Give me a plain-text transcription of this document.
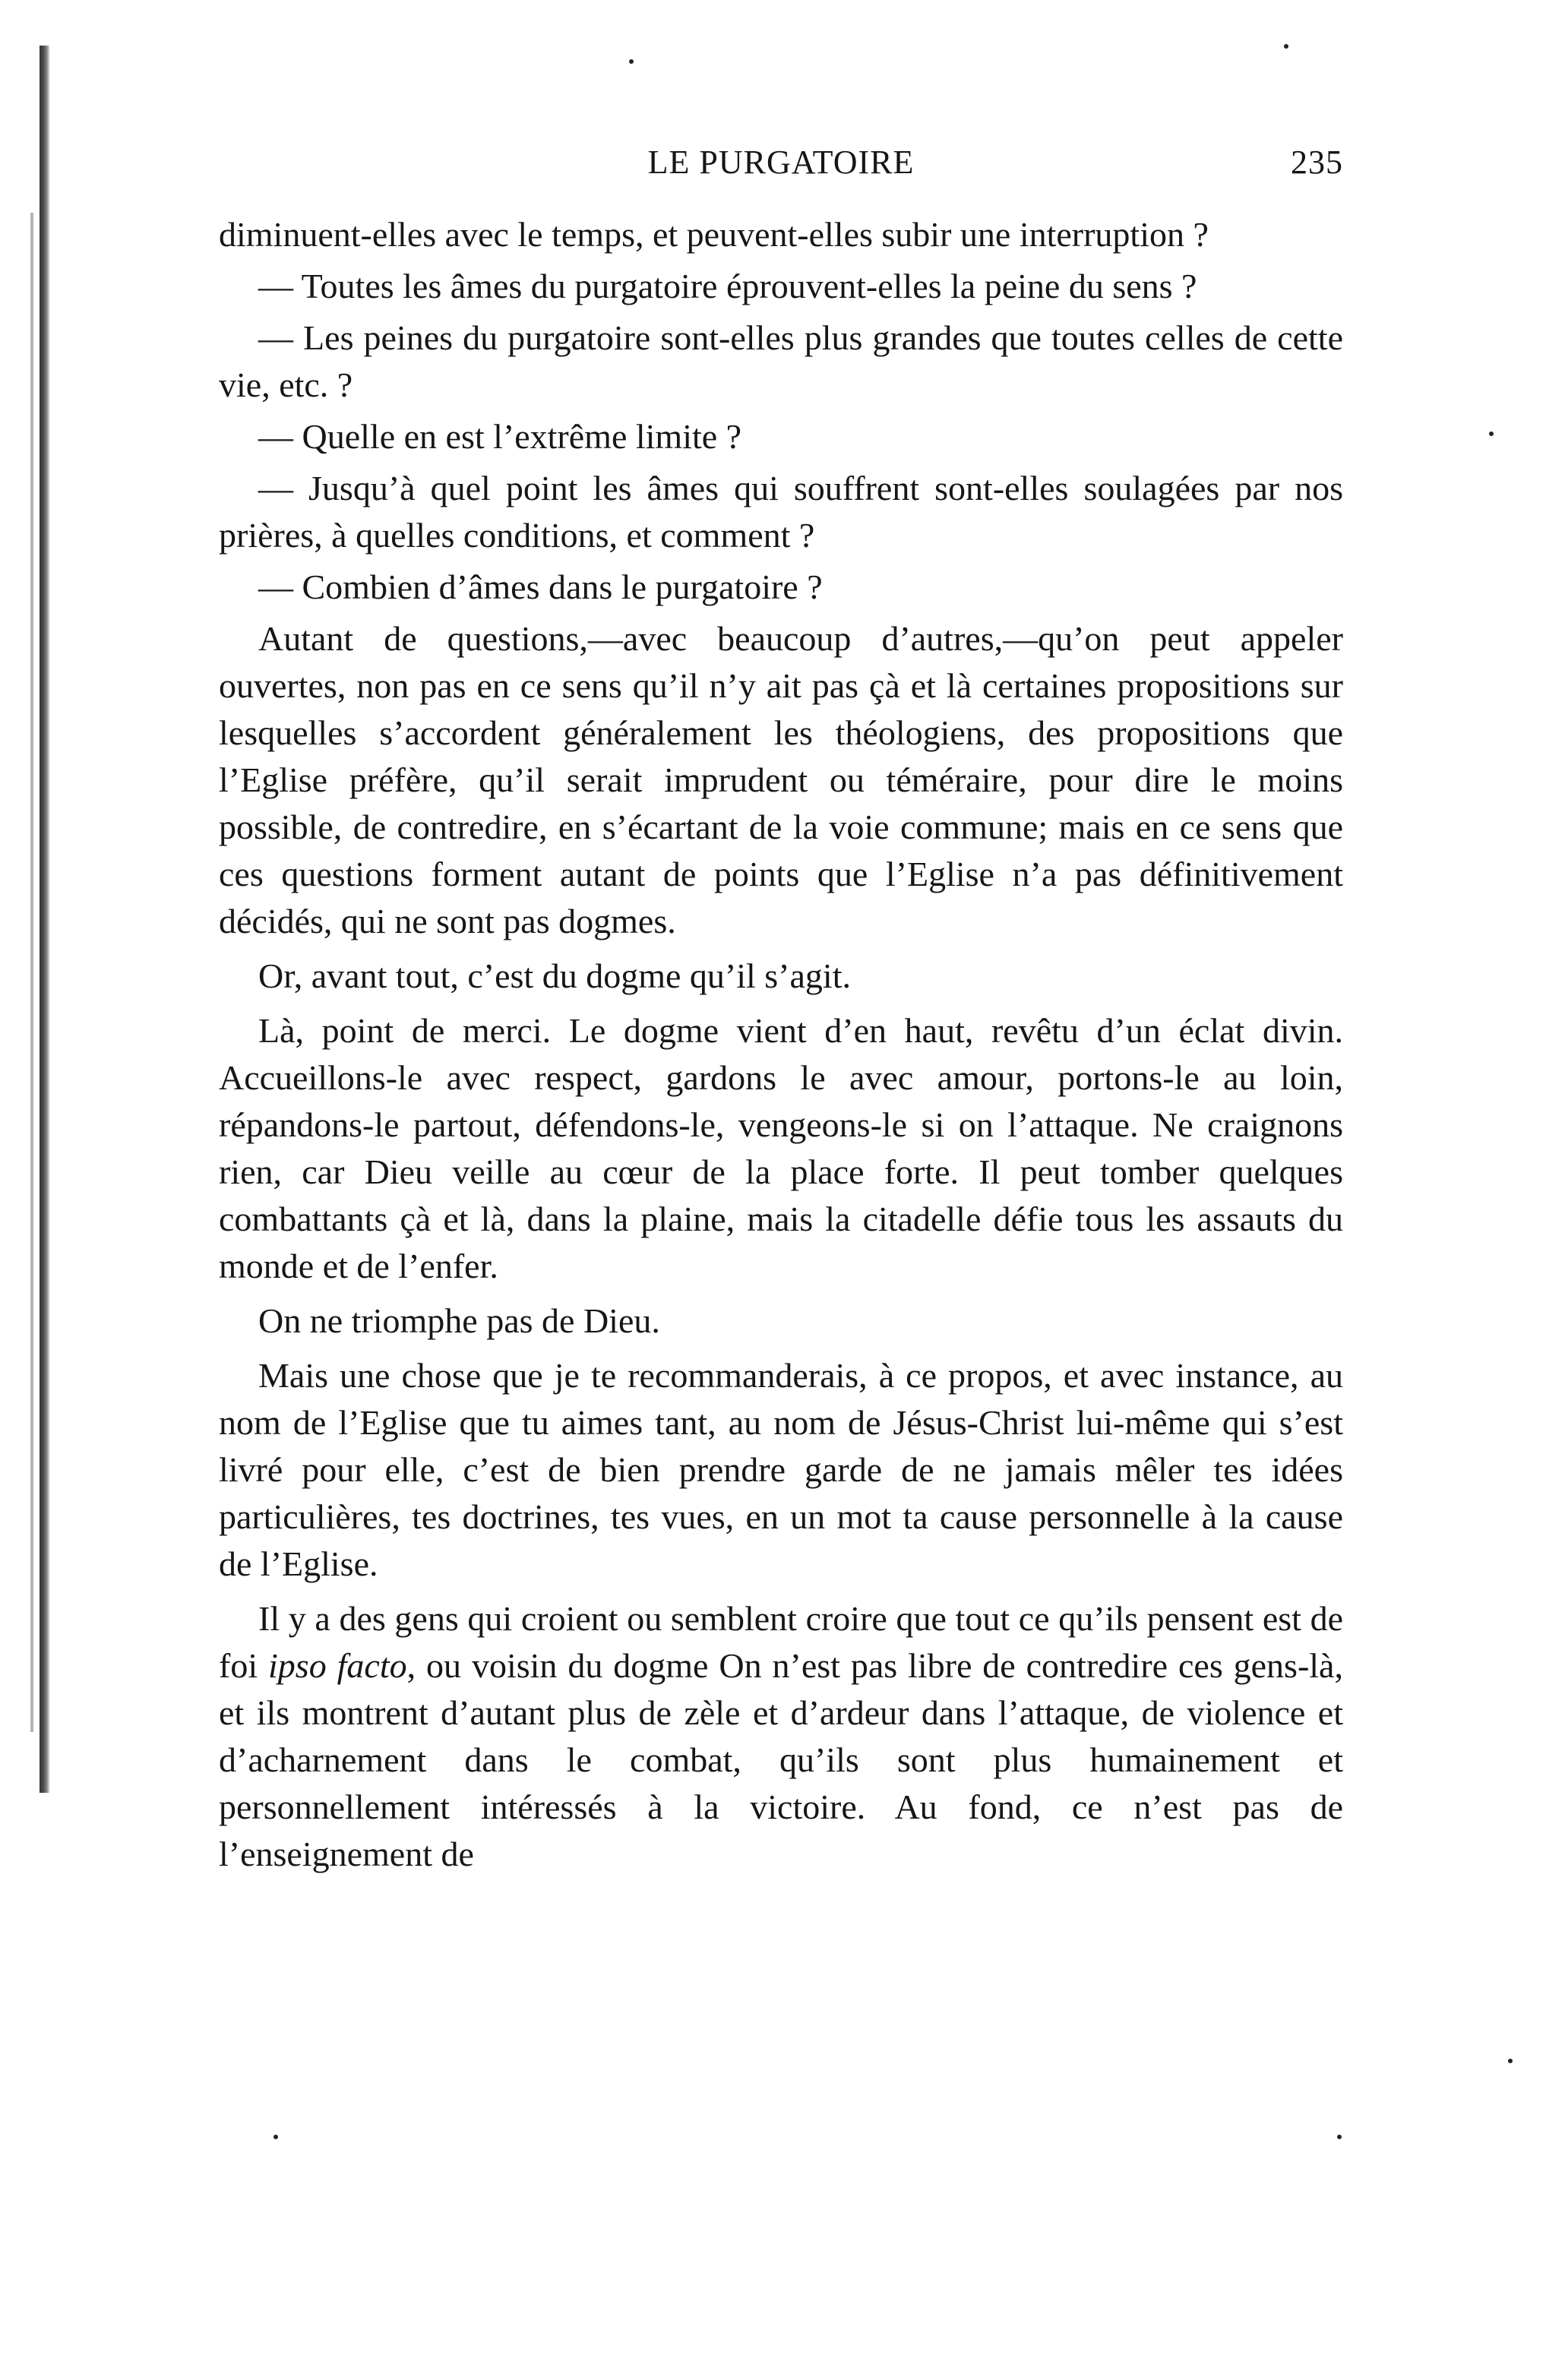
LE PURGATOIRE	235

diminuent-elles avec le temps, et peuvent-elles subir une interruption ?

— Toutes les âmes du purgatoire éprouvent-elles la peine du sens ?

— Les peines du purgatoire sont-elles plus grandes que toutes celles de cette vie, etc. ?

— Quelle en est l’extrême limite ?

— Jusqu’à quel point les âmes qui souffrent sont-elles soulagées par nos prières, à quelles conditions, et comment ?

— Combien d’âmes dans le purgatoire ?

Autant de questions,—avec beaucoup d’autres,—qu’on peut appeler ouvertes, non pas en ce sens qu’il n’y ait pas çà et là certaines propositions sur lesquelles s’accordent généralement les théologiens, des propositions que l’Eglise préfère, qu’il serait imprudent ou téméraire, pour dire le moins possible, de contredire, en s’écartant de la voie commune; mais en ce sens que ces questions forment autant de points que l’Eglise n’a pas définitivement décidés, qui ne sont pas dogmes.

Or, avant tout, c’est du dogme qu’il s’agit.

Là, point de merci. Le dogme vient d’en haut, revêtu d’un éclat divin. Accueillons-le avec respect, gardons le avec amour, portons-le au loin, répandons-le partout, défendons-le, vengeons-le si on l’attaque. Ne craignons rien, car Dieu veille au cœur de la place forte. Il peut tomber quelques combattants çà et là, dans la plaine, mais la citadelle défie tous les assauts du monde et de l’enfer.

On ne triomphe pas de Dieu.

Mais une chose que je te recommanderais, à ce propos, et avec instance, au nom de l’Eglise que tu aimes tant, au nom de Jésus-Christ lui-même qui s’est livré pour elle, c’est de bien prendre garde de ne jamais mêler tes idées particulières, tes doctrines, tes vues, en un mot ta cause personnelle à la cause de l’Eglise.

Il y a des gens qui croient ou semblent croire que tout ce qu’ils pensent est de foi ipso facto, ou voisin du dogme On n’est pas libre de contredire ces gens-là, et ils montrent d’autant plus de zèle et d’ardeur dans l’attaque, de violence et d’acharnement dans le combat, qu’ils sont plus humainement et personnellement intéressés à la victoire. Au fond, ce n’est pas de l’enseignement de
